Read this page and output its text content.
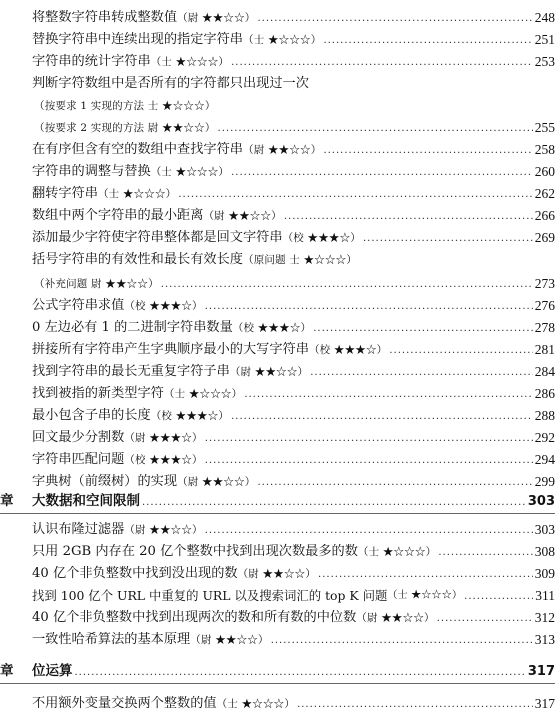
将整数字符串转成整数值 （尉 ★★☆☆） .....	248
替换字符串中连续出现的指定字符串 （士 ★☆☆☆） .....	251
字符串的统计字符串 （士 ★☆☆☆） .....	253
判断字符数组中是否所有的字符都只出现过一次
（按要求 1 实现的方法 士 ★☆☆☆）
（按要求 2 实现的方法 尉 ★★☆☆） .....	255
在有序但含有空的数组中查找字符串 （尉 ★★☆☆） .....	258
字符串的调整与替换 （士 ★☆☆☆） .....	260
翻转字符串 （士 ★☆☆☆） .....	262
数组中两个字符串的最小距离 （尉 ★★☆☆） .....	266
添加最少字符使字符串整体都是回文字符串 （校 ★★★☆） .....	269
括号字符串的有效性和最长有效长度 （原问题 士 ★☆☆☆）
（补充问题 尉 ★★☆☆） .....	273
公式字符串求值 （校 ★★★☆） .....	276
0 左边必有 1 的二进制字符串数量 （校 ★★★☆） .....	278
拼接所有字符串产生字典顺序最小的大写字符串 （校 ★★★☆） .....	281
找到字符串的最长无重复字符子串 （尉 ★★☆☆） .....	284
找到被指的新类型字符 （士 ★☆☆☆） .....	286
最小包含子串的长度 （校 ★★★☆） .....	288
回文最少分割数 （尉 ★★★☆） .....	292
字符串匹配问题 （校 ★★★☆） .....	294
字典树（前缀树）的实现 （尉 ★★☆☆） .....	299
章	大数据和空间限制 .....	303
认识布隆过滤器 （尉 ★★☆☆） .....	303
只用 2GB 内存在 20 亿个整数中找到出现次数最多的数 （士 ★☆☆☆） .....	308
40 亿个非负整数中找到没出现的数 （尉 ★★☆☆） .....	309
找到 100 亿个 URL 中重复的 URL 以及搜索词汇的 top K 问题 （士 ★☆☆☆） .....	311
40 亿个非负整数中找到出现两次的数和所有数的中位数 （尉 ★★☆☆） .....	312
一致性哈希算法的基本原理 （尉 ★★☆☆） .....	313
章	位运算 .....	317
不用额外变量交换两个整数的值 （士 ★☆☆☆） .....	317
